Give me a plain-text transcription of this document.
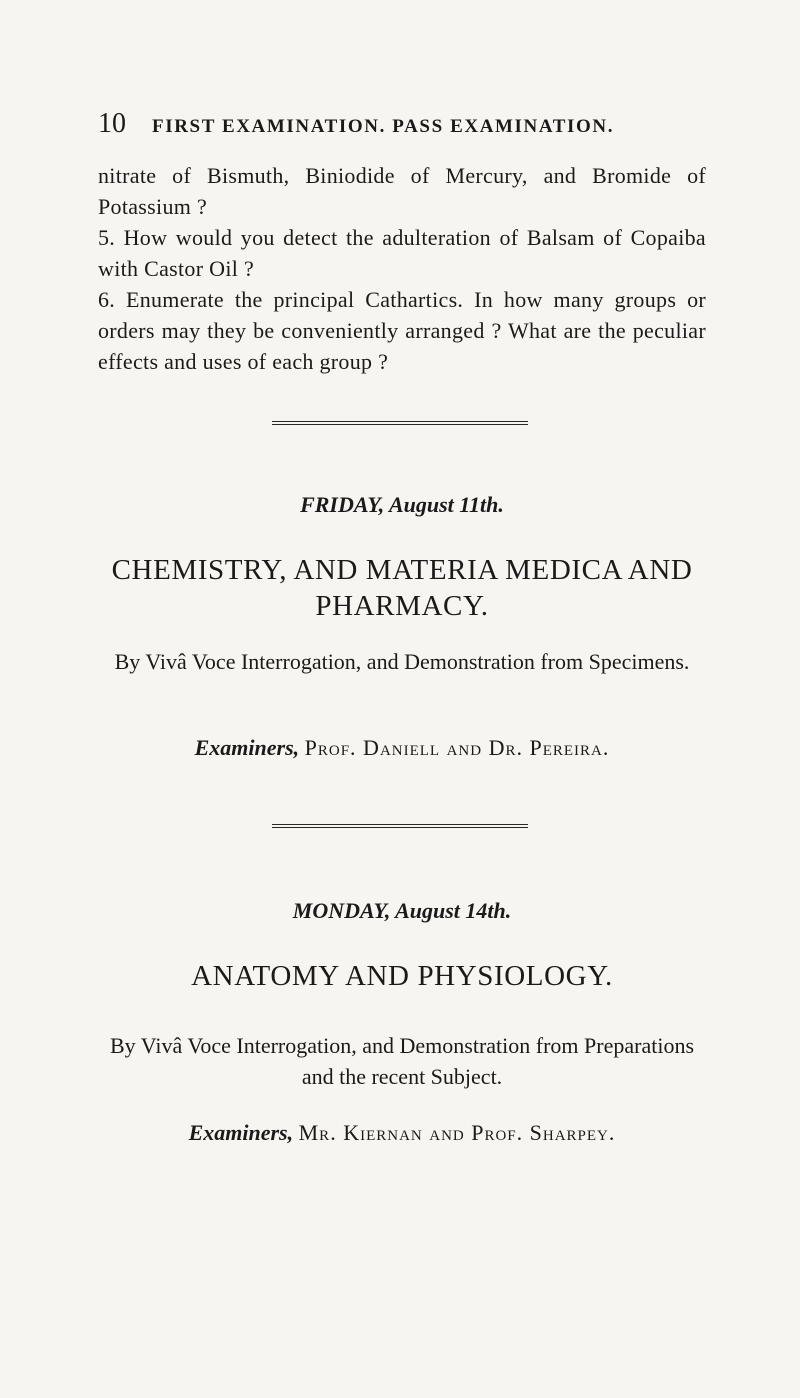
10 FIRST EXAMINATION. PASS EXAMINATION.
nitrate of Bismuth, Biniodide of Mercury, and Bromide of Potassium ?
5. How would you detect the adulteration of Balsam of Copaiba with Castor Oil ?
6. Enumerate the principal Cathartics. In how many groups or orders may they be conveniently arranged ? What are the peculiar effects and uses of each group ?
FRIDAY, August 11th.
CHEMISTRY, AND MATERIA MEDICA AND
PHARMACY.
By Vivâ Voce Interrogation, and Demonstration from Specimens.
Examiners, Prof. Daniell and Dr. Pereira.
MONDAY, August 14th.
ANATOMY AND PHYSIOLOGY.
By Vivâ Voce Interrogation, and Demonstration from Preparations and the recent Subject.
Examiners, Mr. Kiernan and Prof. Sharpey.
